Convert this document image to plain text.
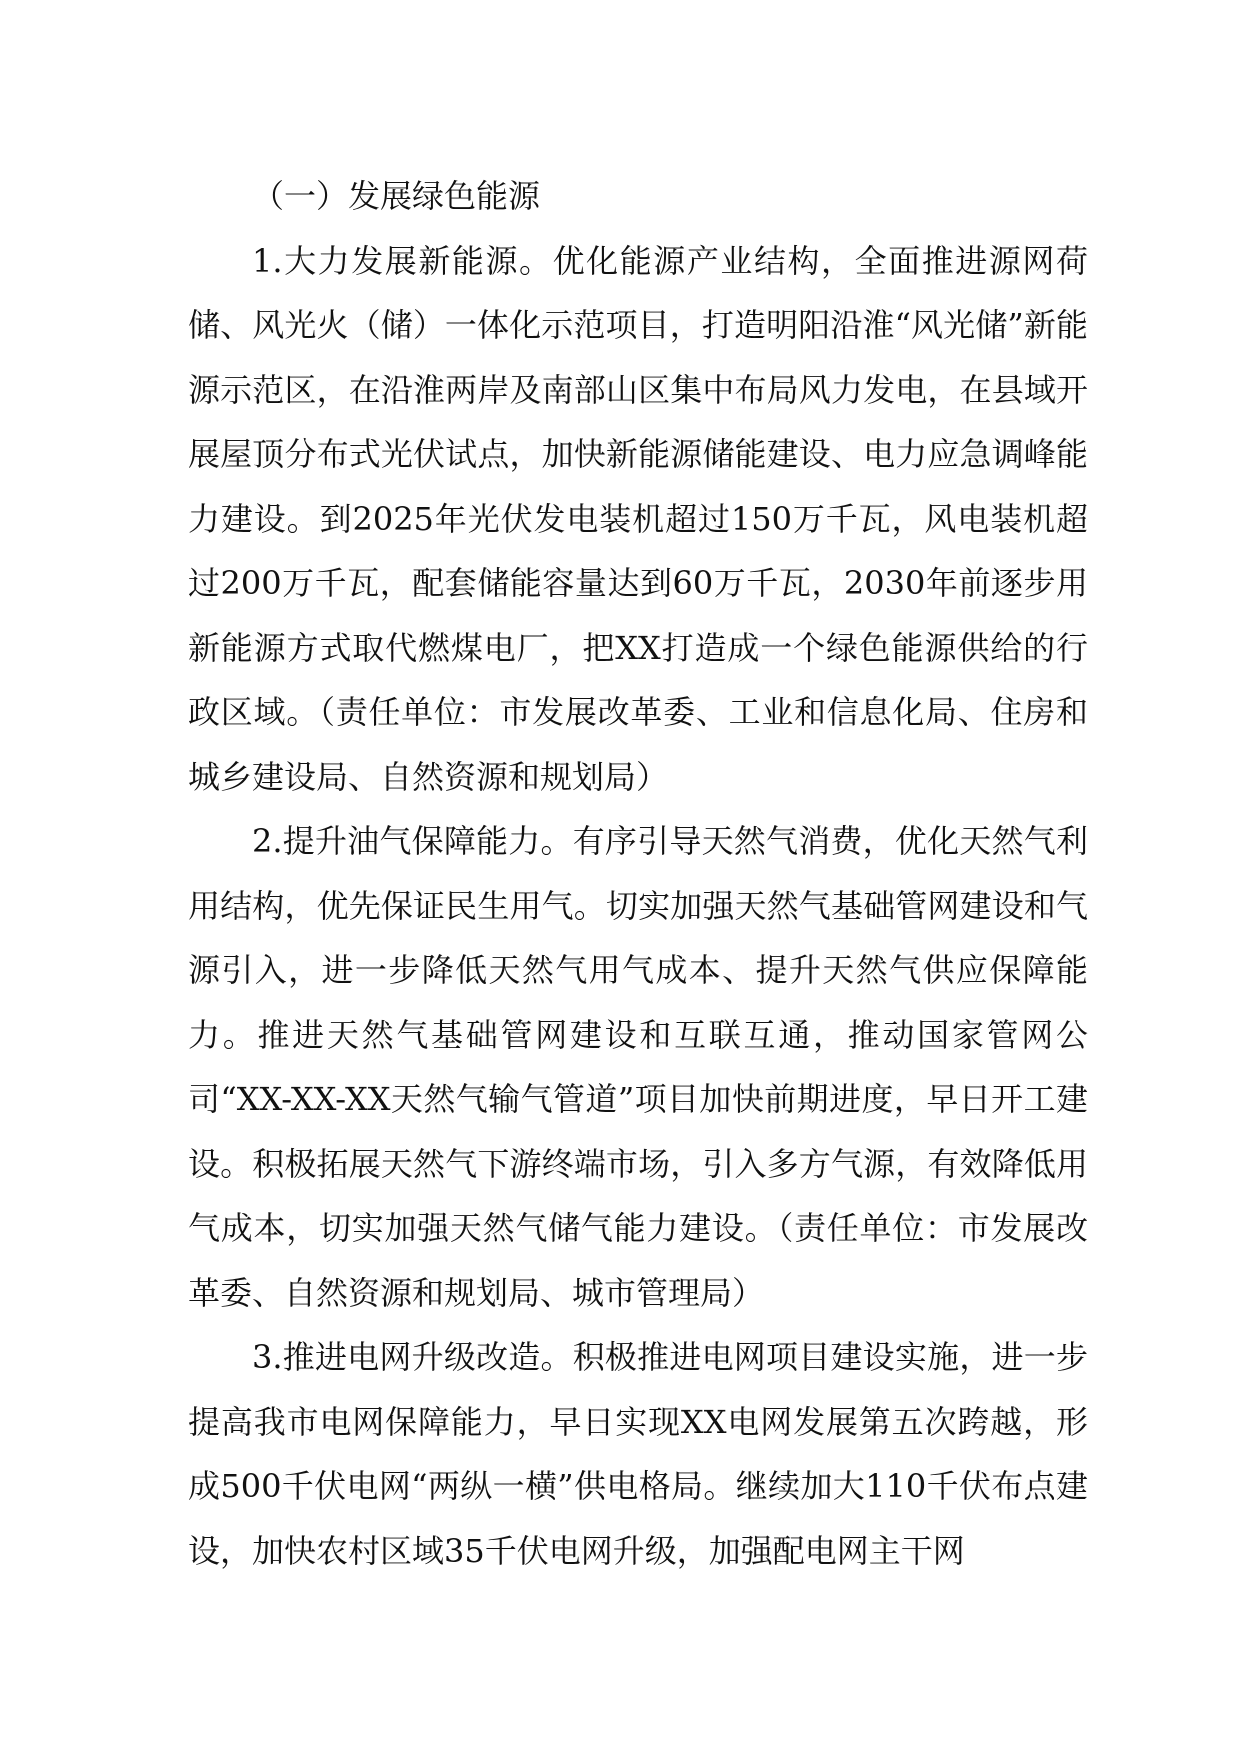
（一）发展绿色能源

1.大力发展新能源。优化能源产业结构，全面推进源网荷储、风光火（储）一体化示范项目，打造明阳沿淮“风光储”新能源示范区，在沿淮两岸及南部山区集中布局风力发电，在县域开展屋顶分布式光伏试点，加快新能源储能建设、电力应急调峰能力建设。到2025年光伏发电装机超过150万千瓦，风电装机超过200万千瓦，配套储能容量达到60万千瓦，2030年前逐步用新能源方式取代燃煤电厂，把XX打造成一个绿色能源供给的行政区域。（责任单位：市发展改革委、工业和信息化局、住房和城乡建设局、自然资源和规划局）

2.提升油气保障能力。有序引导天然气消费，优化天然气利用结构，优先保证民生用气。切实加强天然气基础管网建设和气源引入，进一步降低天然气用气成本、提升天然气供应保障能力。推进天然气基础管网建设和互联互通，推动国家管网公司“XX-XX-XX天然气输气管道”项目加快前期进度，早日开工建设。积极拓展天然气下游终端市场，引入多方气源，有效降低用气成本，切实加强天然气储气能力建设。（责任单位：市发展改革委、自然资源和规划局、城市管理局）

3.推进电网升级改造。积极推进电网项目建设实施，进一步提高我市电网保障能力，早日实现XX电网发展第五次跨越，形成500千伏电网“两纵一横”供电格局。继续加大110千伏布点建设，加快农村区域35千伏电网升级，加强配电网主干网
